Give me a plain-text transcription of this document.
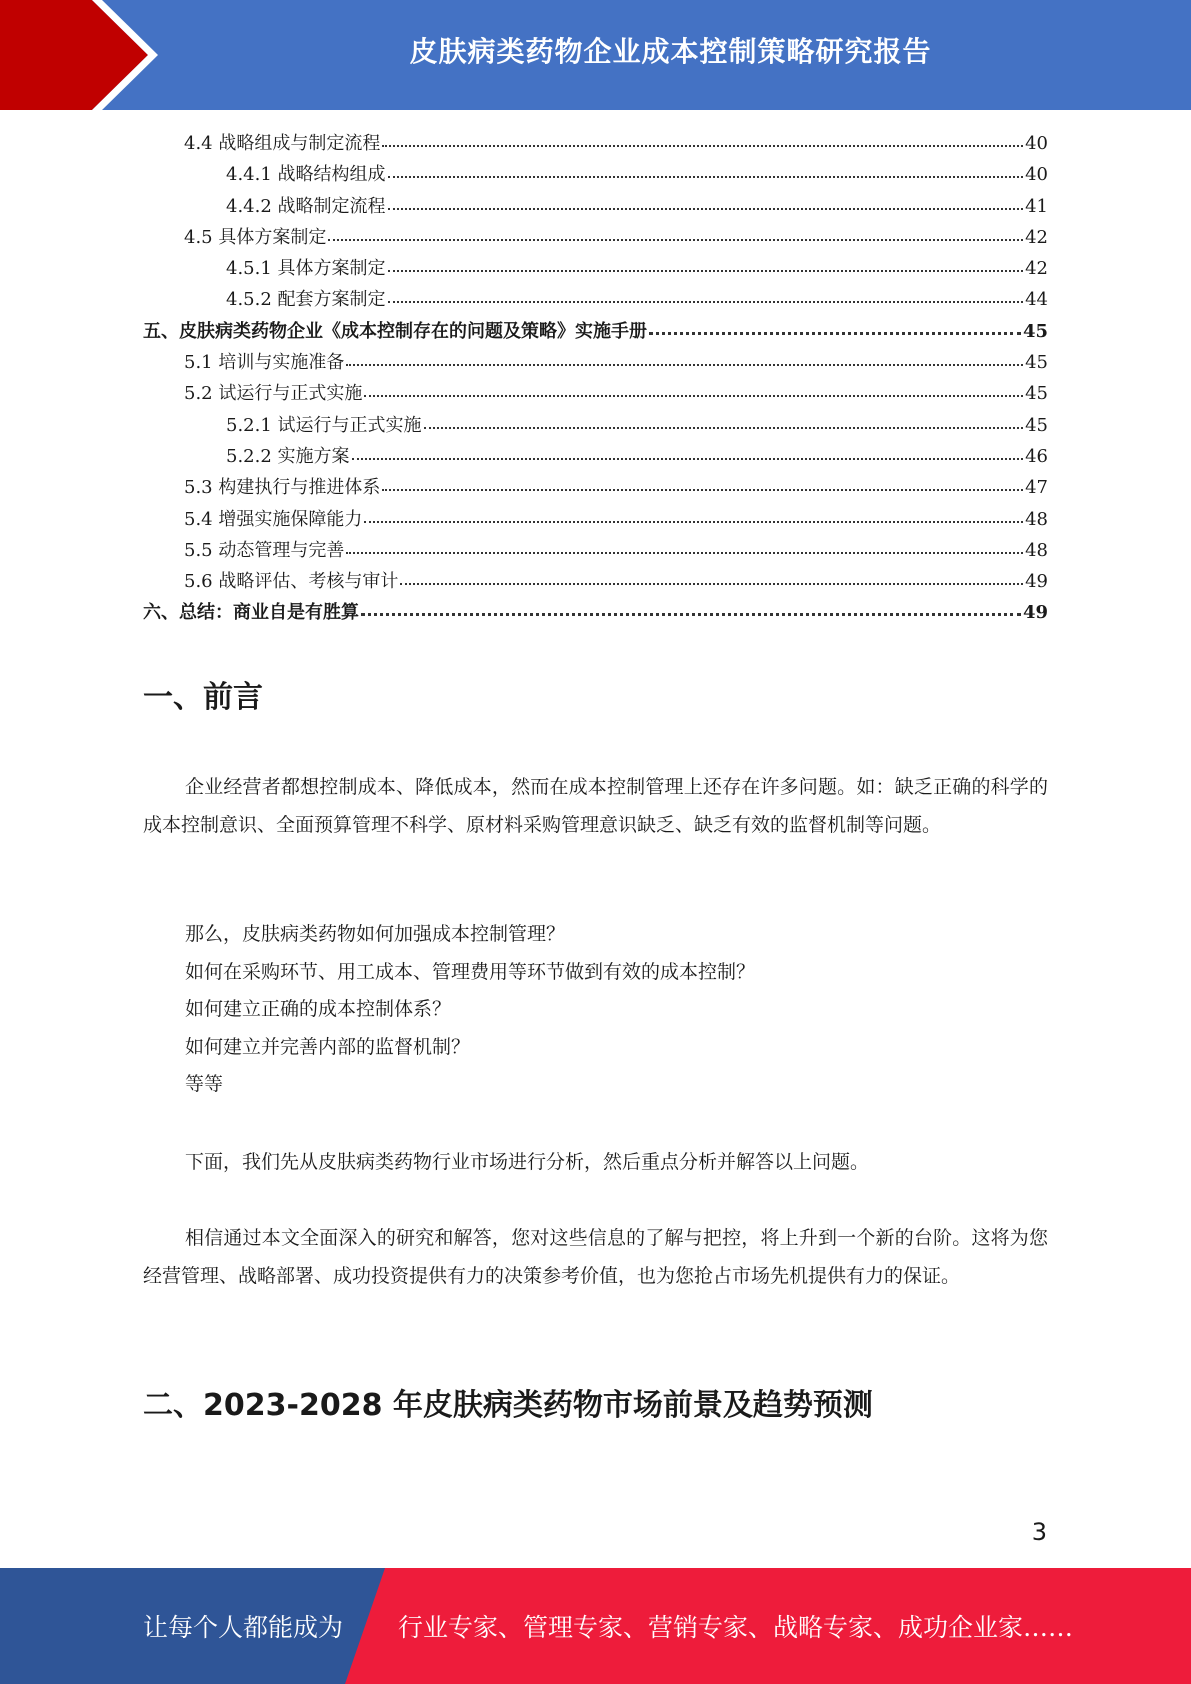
皮肤病类药物企业成本控制策略研究报告
4.4 战略组成与制定流程	40
4.4.1 战略结构组成	40
4.4.2 战略制定流程	41
4.5 具体方案制定	42
4.5.1 具体方案制定	42
4.5.2 配套方案制定	44
五、皮肤病类药物企业《成本控制存在的问题及策略》实施手册	45
5.1 培训与实施准备	45
5.2 试运行与正式实施	45
5.2.1 试运行与正式实施	45
5.2.2 实施方案	46
5.3 构建执行与推进体系	47
5.4 增强实施保障能力	48
5.5 动态管理与完善	48
5.6 战略评估、考核与审计	49
六、总结：商业自是有胜算	49
一、前言

企业经营者都想控制成本、降低成本，然而在成本控制管理上还存在许多问题。如：缺乏正确的科学的成本控制意识、全面预算管理不科学、原材料采购管理意识缺乏、缺乏有效的监督机制等问题。

那么，皮肤病类药物如何加强成本控制管理？
如何在采购环节、用工成本、管理费用等环节做到有效的成本控制？
如何建立正确的成本控制体系？
如何建立并完善内部的监督机制？
等等

下面，我们先从皮肤病类药物行业市场进行分析，然后重点分析并解答以上问题。

相信通过本文全面深入的研究和解答，您对这些信息的了解与把控，将上升到一个新的台阶。这将为您经营管理、战略部署、成功投资提供有力的决策参考价值，也为您抢占市场先机提供有力的保证。

二、2023-2028 年皮肤病类药物市场前景及趋势预测
3
让每个人都能成为 行业专家、管理专家、营销专家、战略专家、成功企业家……
